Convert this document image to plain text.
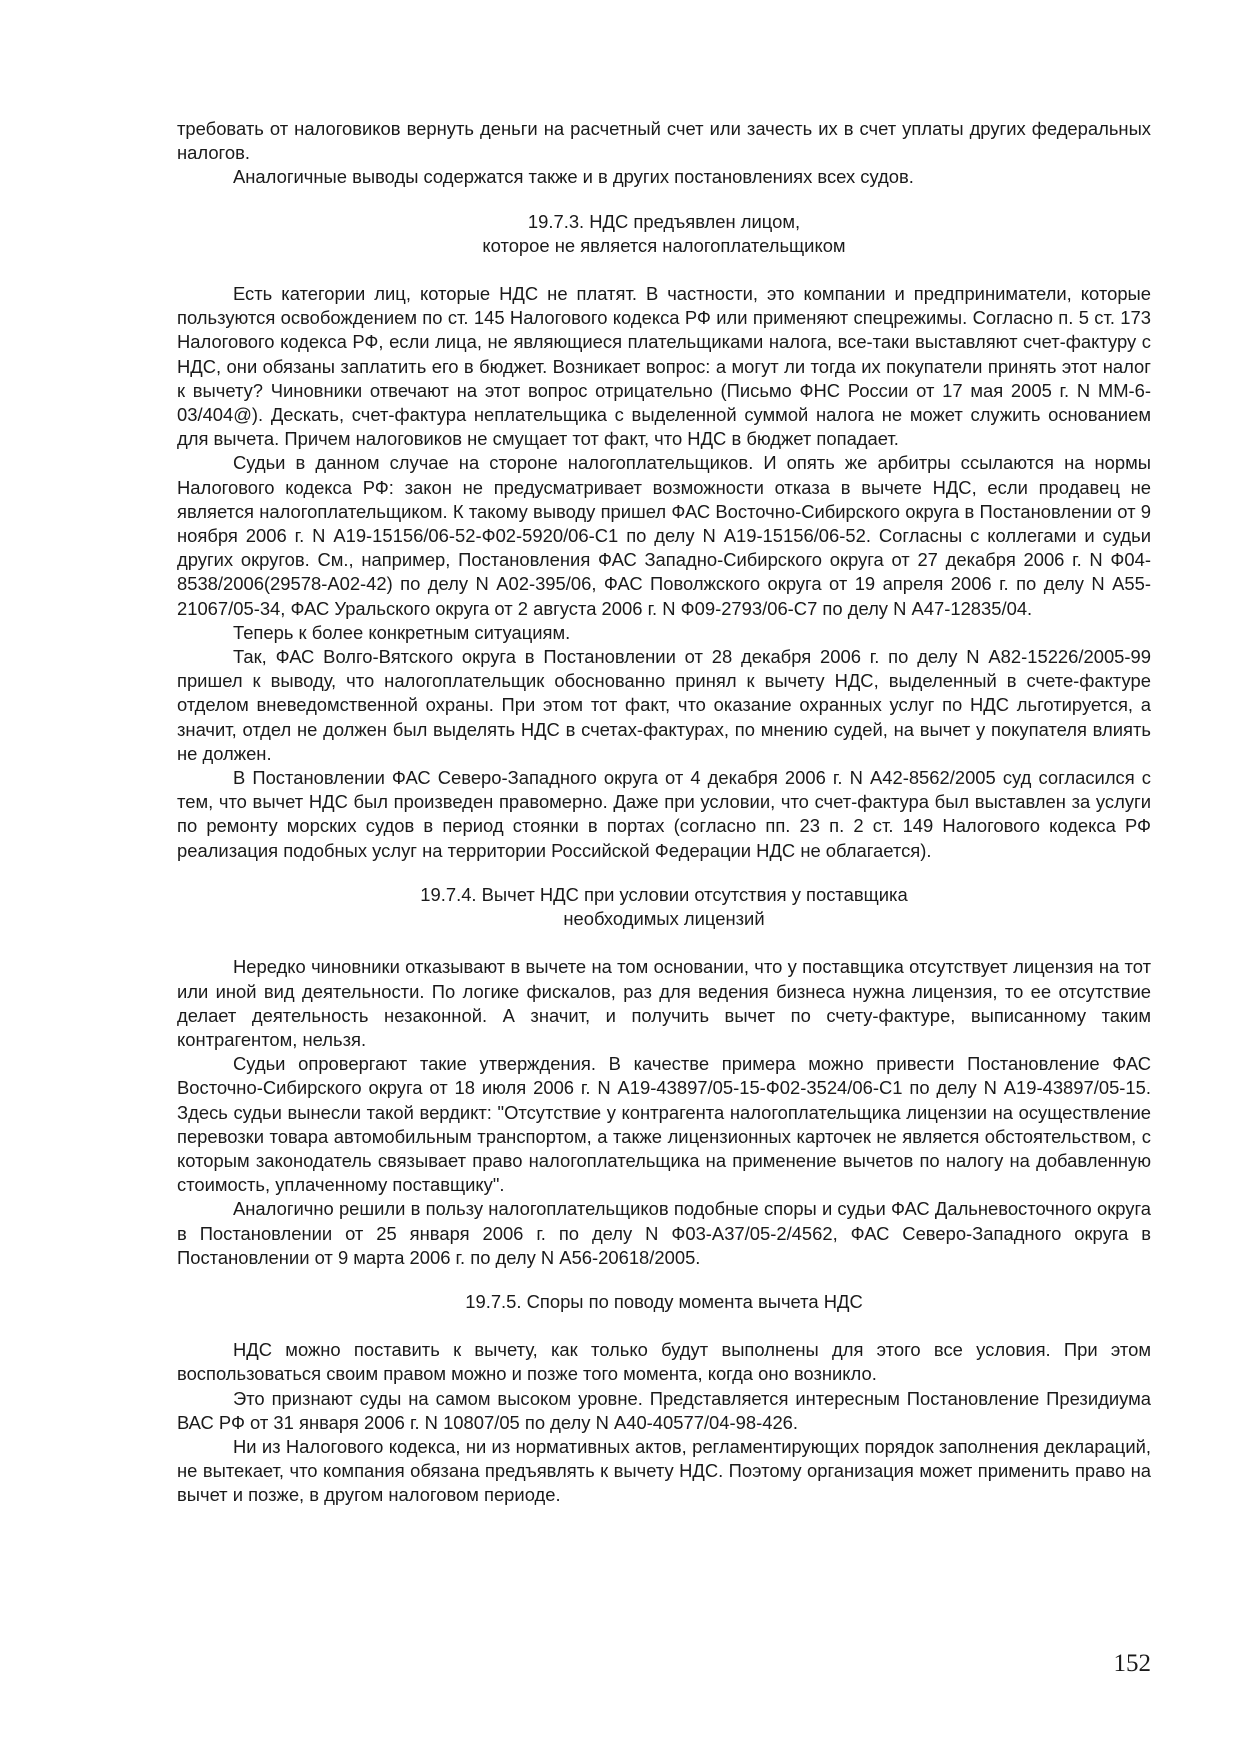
требовать от налоговиков вернуть деньги на расчетный счет или зачесть их в счет уплаты других федеральных налогов.

Аналогичные выводы содержатся также и в других постановлениях всех судов.

19.7.3. НДС предъявлен лицом,
которое не является налогоплательщиком

Есть категории лиц, которые НДС не платят. В частности, это компании и предприниматели, которые пользуются освобождением по ст. 145 Налогового кодекса РФ или применяют спецрежимы. Согласно п. 5 ст. 173 Налогового кодекса РФ, если лица, не являющиеся плательщиками налога, все-таки выставляют счет-фактуру с НДС, они обязаны заплатить его в бюджет. Возникает вопрос: а могут ли тогда их покупатели принять этот налог к вычету? Чиновники отвечают на этот вопрос отрицательно (Письмо ФНС России от 17 мая 2005 г. N ММ-6-03/404@). Дескать, счет-фактура неплательщика с выделенной суммой налога не может служить основанием для вычета. Причем налоговиков не смущает тот факт, что НДС в бюджет попадает.

Судьи в данном случае на стороне налогоплательщиков. И опять же арбитры ссылаются на нормы Налогового кодекса РФ: закон не предусматривает возможности отказа в вычете НДС, если продавец не является налогоплательщиком. К такому выводу пришел ФАС Восточно-Сибирского округа в Постановлении от 9 ноября 2006 г. N А19-15156/06-52-Ф02-5920/06-С1 по делу N А19-15156/06-52. Согласны с коллегами и судьи других округов. См., например, Постановления ФАС Западно-Сибирского округа от 27 декабря 2006 г. N Ф04-8538/2006(29578-А02-42) по делу N А02-395/06, ФАС Поволжского округа от 19 апреля 2006 г. по делу N А55-21067/05-34, ФАС Уральского округа от 2 августа 2006 г. N Ф09-2793/06-С7 по делу N А47-12835/04.

Теперь к более конкретным ситуациям.

Так, ФАС Волго-Вятского округа в Постановлении от 28 декабря 2006 г. по делу N А82-15226/2005-99 пришел к выводу, что налогоплательщик обоснованно принял к вычету НДС, выделенный в счете-фактуре отделом вневедомственной охраны. При этом тот факт, что оказание охранных услуг по НДС льготируется, а значит, отдел не должен был выделять НДС в счетах-фактурах, по мнению судей, на вычет у покупателя влиять не должен.

В Постановлении ФАС Северо-Западного округа от 4 декабря 2006 г. N А42-8562/2005 суд согласился с тем, что вычет НДС был произведен правомерно. Даже при условии, что счет-фактура был выставлен за услуги по ремонту морских судов в период стоянки в портах (согласно пп. 23 п. 2 ст. 149 Налогового кодекса РФ реализация подобных услуг на территории Российской Федерации НДС не облагается).

19.7.4. Вычет НДС при условии отсутствия у поставщика
необходимых лицензий

Нередко чиновники отказывают в вычете на том основании, что у поставщика отсутствует лицензия на тот или иной вид деятельности. По логике фискалов, раз для ведения бизнеса нужна лицензия, то ее отсутствие делает деятельность незаконной. А значит, и получить вычет по счету-фактуре, выписанному таким контрагентом, нельзя.

Судьи опровергают такие утверждения. В качестве примера можно привести Постановление ФАС Восточно-Сибирского округа от 18 июля 2006 г. N А19-43897/05-15-Ф02-3524/06-С1 по делу N А19-43897/05-15. Здесь судьи вынесли такой вердикт: "Отсутствие у контрагента налогоплательщика лицензии на осуществление перевозки товара автомобильным транспортом, а также лицензионных карточек не является обстоятельством, с которым законодатель связывает право налогоплательщика на применение вычетов по налогу на добавленную стоимость, уплаченному поставщику".

Аналогично решили в пользу налогоплательщиков подобные споры и судьи ФАС Дальневосточного округа в Постановлении от 25 января 2006 г. по делу N Ф03-А37/05-2/4562, ФАС Северо-Западного округа в Постановлении от 9 марта 2006 г. по делу N А56-20618/2005.

19.7.5. Споры по поводу момента вычета НДС

НДС можно поставить к вычету, как только будут выполнены для этого все условия. При этом воспользоваться своим правом можно и позже того момента, когда оно возникло.

Это признают суды на самом высоком уровне. Представляется интересным Постановление Президиума ВАС РФ от 31 января 2006 г. N 10807/05 по делу N А40-40577/04-98-426.

Ни из Налогового кодекса, ни из нормативных актов, регламентирующих порядок заполнения деклараций, не вытекает, что компания обязана предъявлять к вычету НДС. Поэтому организация может применить право на вычет и позже, в другом налоговом периоде.

152
